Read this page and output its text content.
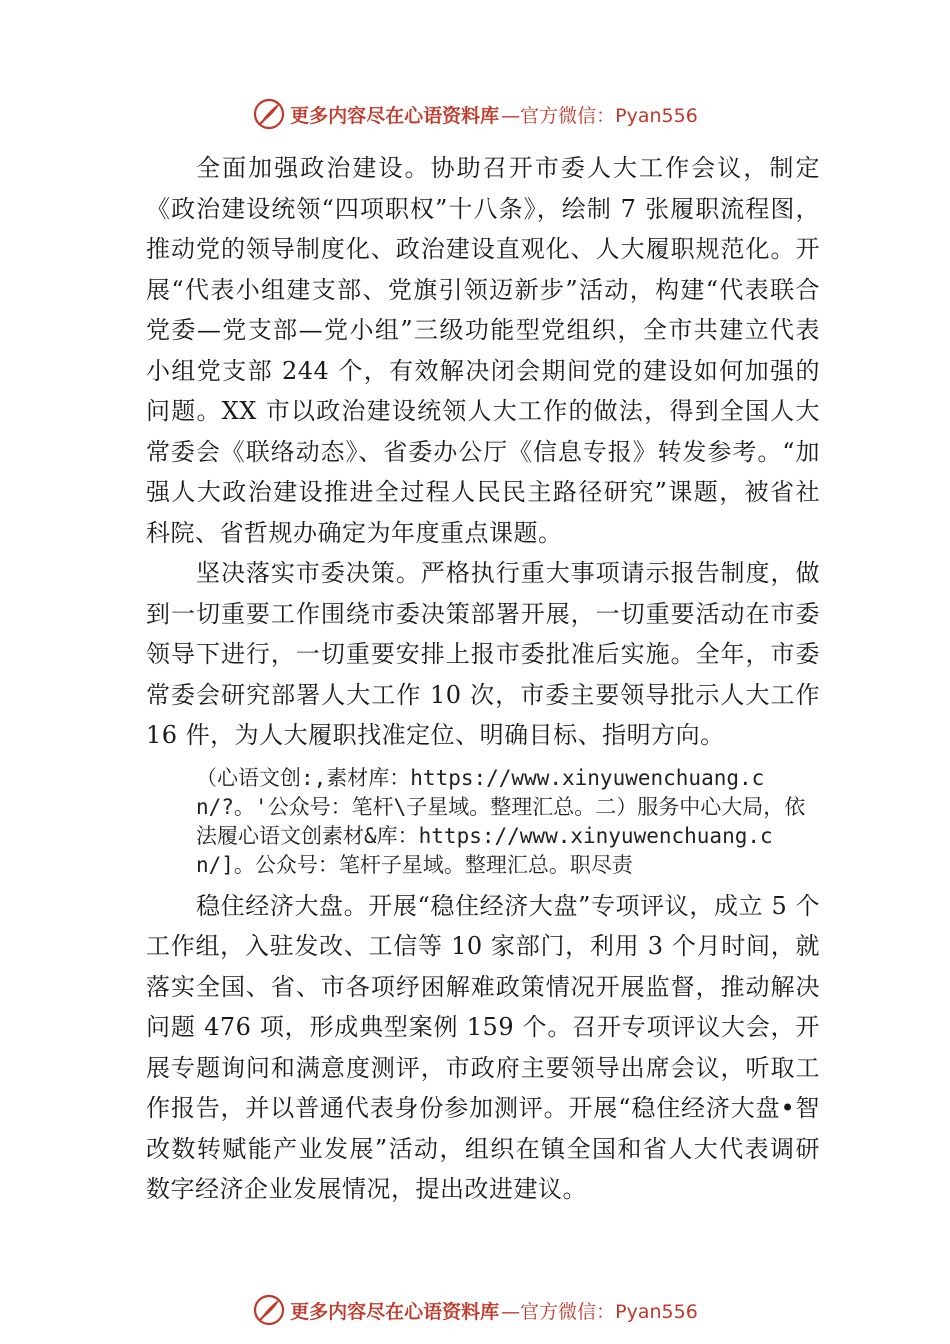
更多内容尽在心语资料库 —官方微信：Pyan556

全面加强政治建设。协助召开市委人大工作会议，制定《政治建设统领“四项职权”十八条》，绘制 7 张履职流程图，推动党的领导制度化、政治建设直观化、人大履职规范化。开展“代表小组建支部、党旗引领迈新步”活动，构建“代表联合党委—党支部—党小组”三级功能型党组织，全市共建立代表小组党支部 244 个，有效解决闭会期间党的建设如何加强的问题。XX 市以政治建设统领人大工作的做法，得到全国人大常委会《联络动态》、省委办公厅《信息专报》转发参考。“加强人大政治建设推进全过程人民民主路径研究”课题，被省社科院、省哲规办确定为年度重点课题。

坚决落实市委决策。严格执行重大事项请示报告制度，做到一切重要工作围绕市委决策部署开展，一切重要活动在市委领导下进行，一切重要安排上报市委批准后实施。全年，市委常委会研究部署人大工作 10 次，市委主要领导批示人大工作 16 件，为人大履职找准定位、明确目标、指明方向。

（心语文创:,素材库：https://www.xinyuwenchuang.cn/?。'公众号：笔杆\子星域。整理汇总。二）服务中心大局，依法履心语文创素材&库：https://www.xinyuwenchuang.cn/]。公众号：笔杆子星域。整理汇总。职尽责

稳住经济大盘。开展“稳住经济大盘”专项评议，成立 5 个工作组，入驻发改、工信等 10 家部门，利用 3 个月时间，就落实全国、省、市各项纾困解难政策情况开展监督，推动解决问题 476 项，形成典型案例 159 个。召开专项评议大会，开展专题询问和满意度测评，市政府主要领导出席会议，听取工作报告，并以普通代表身份参加测评。开展“稳住经济大盘•智改数转赋能产业发展”活动，组织在镇全国和省人大代表调研数字经济企业发展情况，提出改进建议。

更多内容尽在心语资料库 —官方微信：Pyan556
